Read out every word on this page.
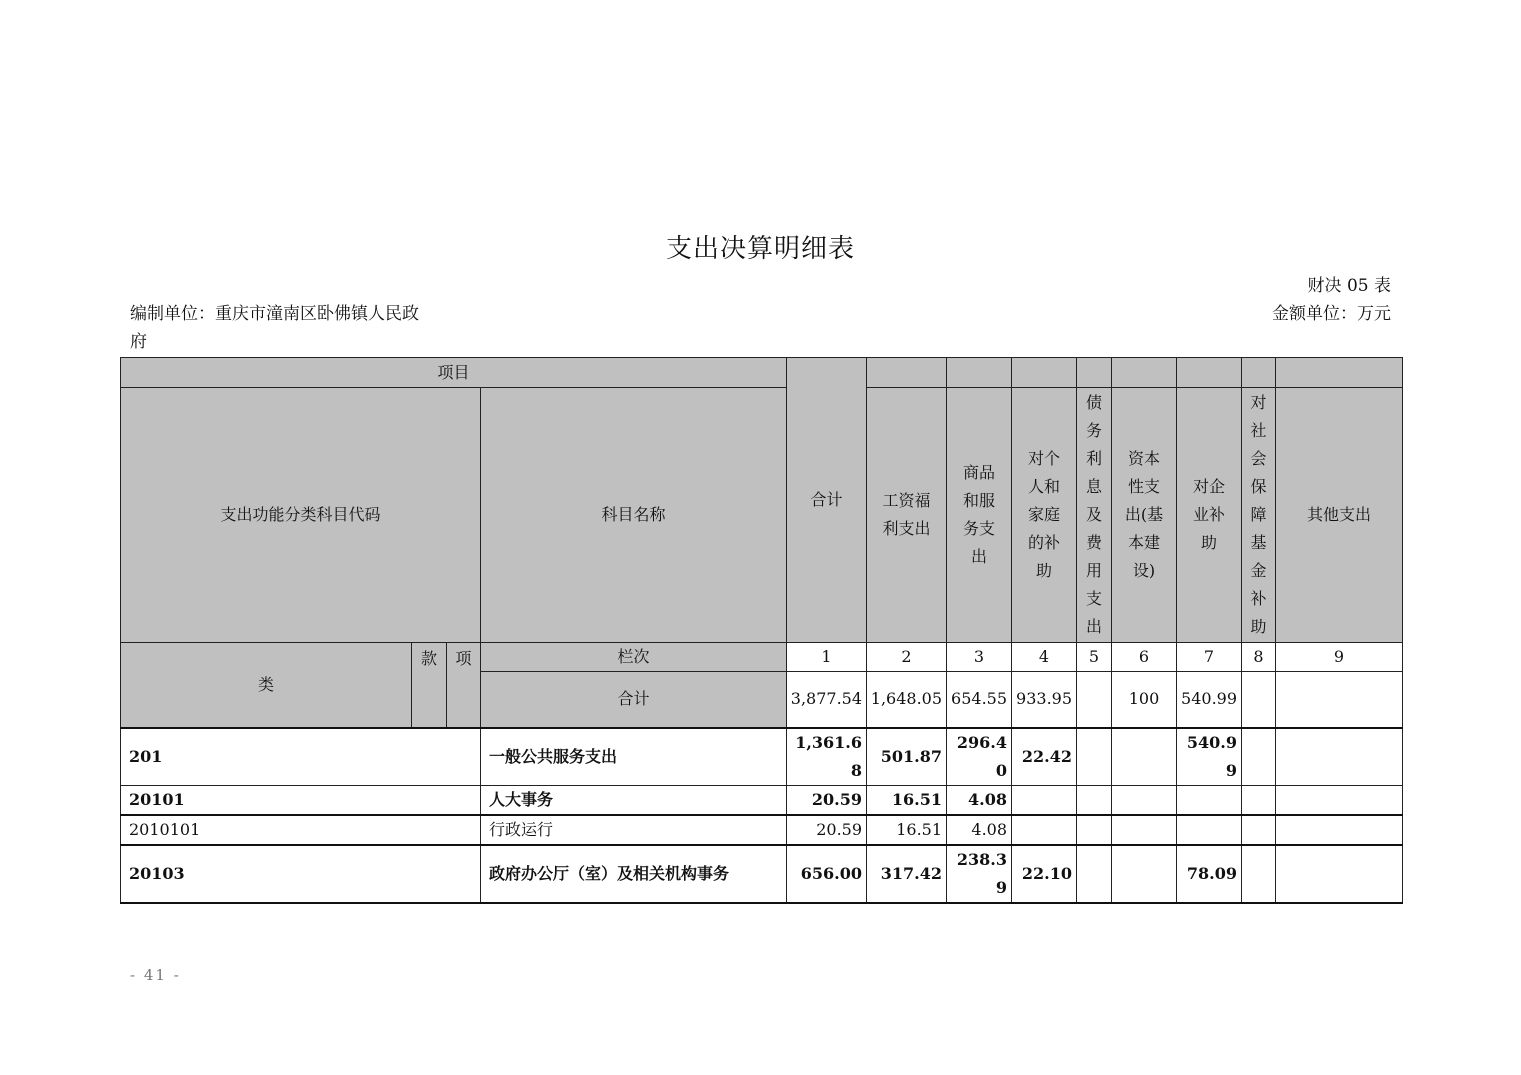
支出决算明细表
财决 05 表
编制单位：重庆市潼南区卧佛镇人民政府
金额单位：万元
项目				合计								
支出功能分类科目代码			科目名称		工资福利支出	商品和服务支出	对个人和家庭的补助	债务利息及费用支出	资本性支出(基本建设)	对企业补助	对社会保障基金补助	其他支出
类	款	项	栏次	1	2	3	4	5	6	7	8	9
			合计	3,877.54	1,648.05	654.55	933.95		100	540.99		
201			一般公共服务支出	1,361.68	501.87	296.40	22.42			540.99		
20101			人大事务	20.59	16.51	4.08						
2010101			行政运行	20.59	16.51	4.08						
20103			政府办公厅（室）及相关机构事务	656.00	317.42	238.39	22.10			78.09		
- 41 -
